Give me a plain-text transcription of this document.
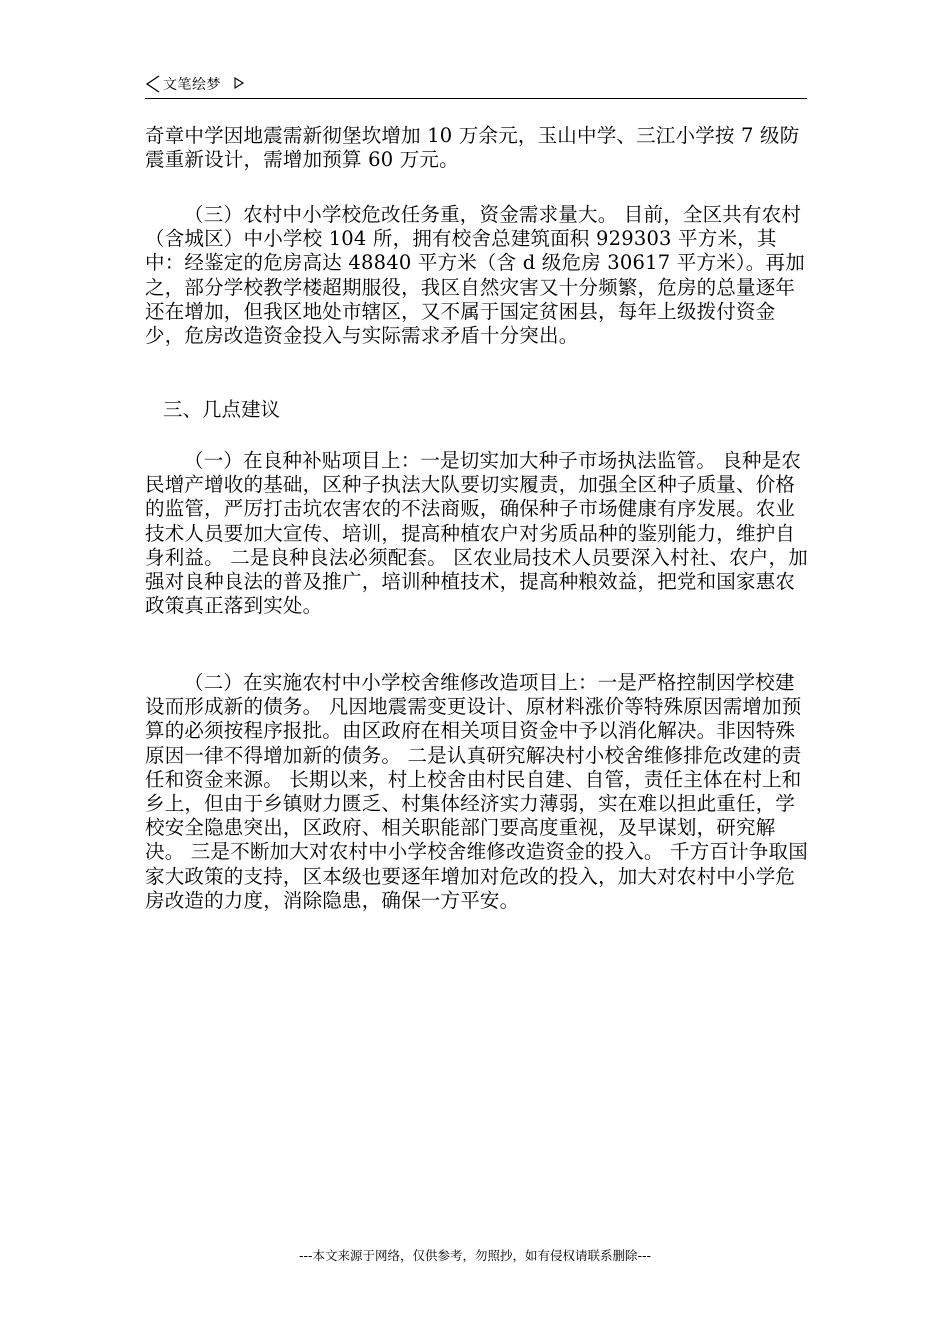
文笔绘梦

奇章中学因地震需新彻堡坎增加 10 万余元，玉山中学、三江小学按 7 级防震重新设计，需增加预算 60 万元。

（三）农村中小学校危改任务重，资金需求量大。 目前，全区共有农村（含城区）中小学校 104 所，拥有校舍总建筑面积 929303 平方米，其中：经鉴定的危房高达 48840 平方米（含 d 级危房 30617 平方米）。再加之，部分学校教学楼超期服役，我区自然灾害又十分频繁，危房的总量逐年还在增加，但我区地处市辖区，又不属于国定贫困县，每年上级拨付资金少，危房改造资金投入与实际需求矛盾十分突出。

三、几点建议

（一）在良种补贴项目上：一是切实加大种子市场执法监管。 良种是农民增产增收的基础，区种子执法大队要切实履责，加强全区种子质量、价格的监管，严厉打击坑农害农的不法商贩，确保种子市场健康有序发展。农业技术人员要加大宣传、培训，提高种植农户对劣质品种的鉴别能力，维护自身利益。 二是良种良法必须配套。 区农业局技术人员要深入村社、农户，加强对良种良法的普及推广，培训种植技术，提高种粮效益，把党和国家惠农政策真正落到实处。

（二）在实施农村中小学校舍维修改造项目上：一是严格控制因学校建设而形成新的债务。 凡因地震需变更设计、原材料涨价等特殊原因需增加预算的必须按程序报批。由区政府在相关项目资金中予以消化解决。非因特殊原因一律不得增加新的债务。 二是认真研究解决村小校舍维修排危改建的责任和资金来源。 长期以来，村上校舍由村民自建、自管，责任主体在村上和乡上，但由于乡镇财力匮乏、村集体经济实力薄弱，实在难以担此重任，学校安全隐患突出，区政府、相关职能部门要高度重视，及早谋划，研究解决。 三是不断加大对农村中小学校舍维修改造资金的投入。 千方百计争取国家大政策的支持，区本级也要逐年增加对危改的投入，加大对农村中小学危房改造的力度，消除隐患，确保一方平安。

---本文来源于网络，仅供参考，勿照抄，如有侵权请联系删除---
